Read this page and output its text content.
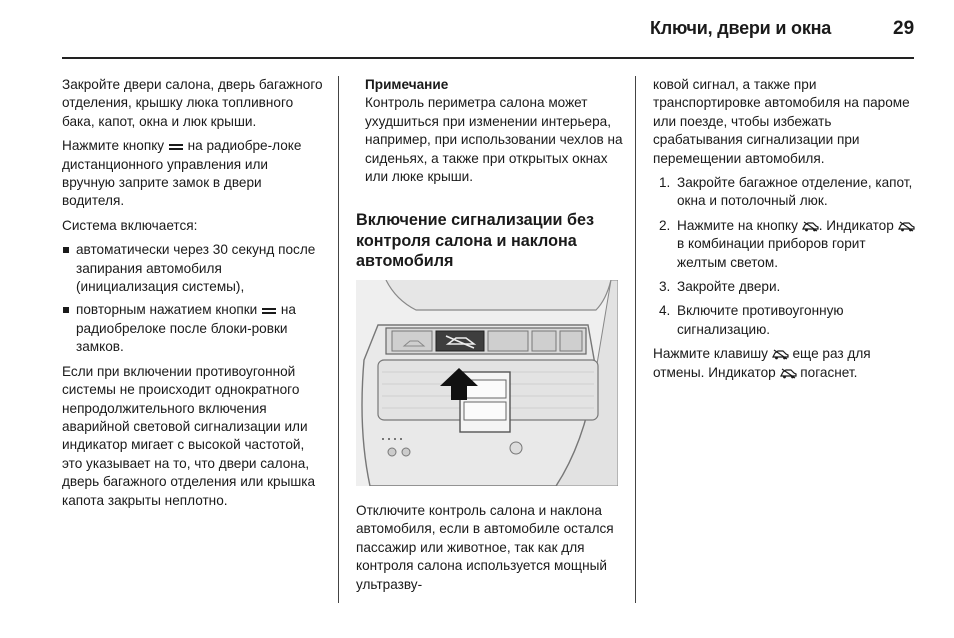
Ключи, двери и окна	29

Закройте двери салона, дверь багажного отделения, крышку люка топливного бака, капот, окна и люк крыши.

Нажмите кнопку на радиобре-локе дистанционного управления или вручную заприте замок в двери водителя.

Система включается:

автоматически через 30 секунд после запирания автомобиля (инициализация системы),
повторным нажатием кнопки на радиобрелоке после блоки-ровки замков.

Если при включении противоугонной системы не происходит однократного непродолжительного включения аварийной световой сигнализации или индикатор мигает с высокой частотой, это указывает на то, что двери салона, дверь багажного отделения или крышка капота закрыты неплотно.

Примечание

Контроль периметра салона может ухудшиться при изменении интерьера, например, при использовании чехлов на сиденьях, а также при открытых окнах или люке крыши.

Включение сигнализации без контроля салона и наклона автомобиля

Отключите контроль салона и наклона автомобиля, если в автомобиле остался пассажир или животное, так как для контроля салона используется мощный ультразву-

ковой сигнал, а также при транспортировке автомобиля на пароме или поезде, чтобы избежать срабатывания сигнализации при перемещении автомобиля.

1. Закройте багажное отделение, капот, окна и потолочный люк.
2. Нажмите на кнопку . Индикатор  в комбинации приборов горит желтым светом.
3. Закройте двери.
4. Включите противоугонную сигнализацию.

Нажмите клавишу еще раз для отмены. Индикатор погаснет.
